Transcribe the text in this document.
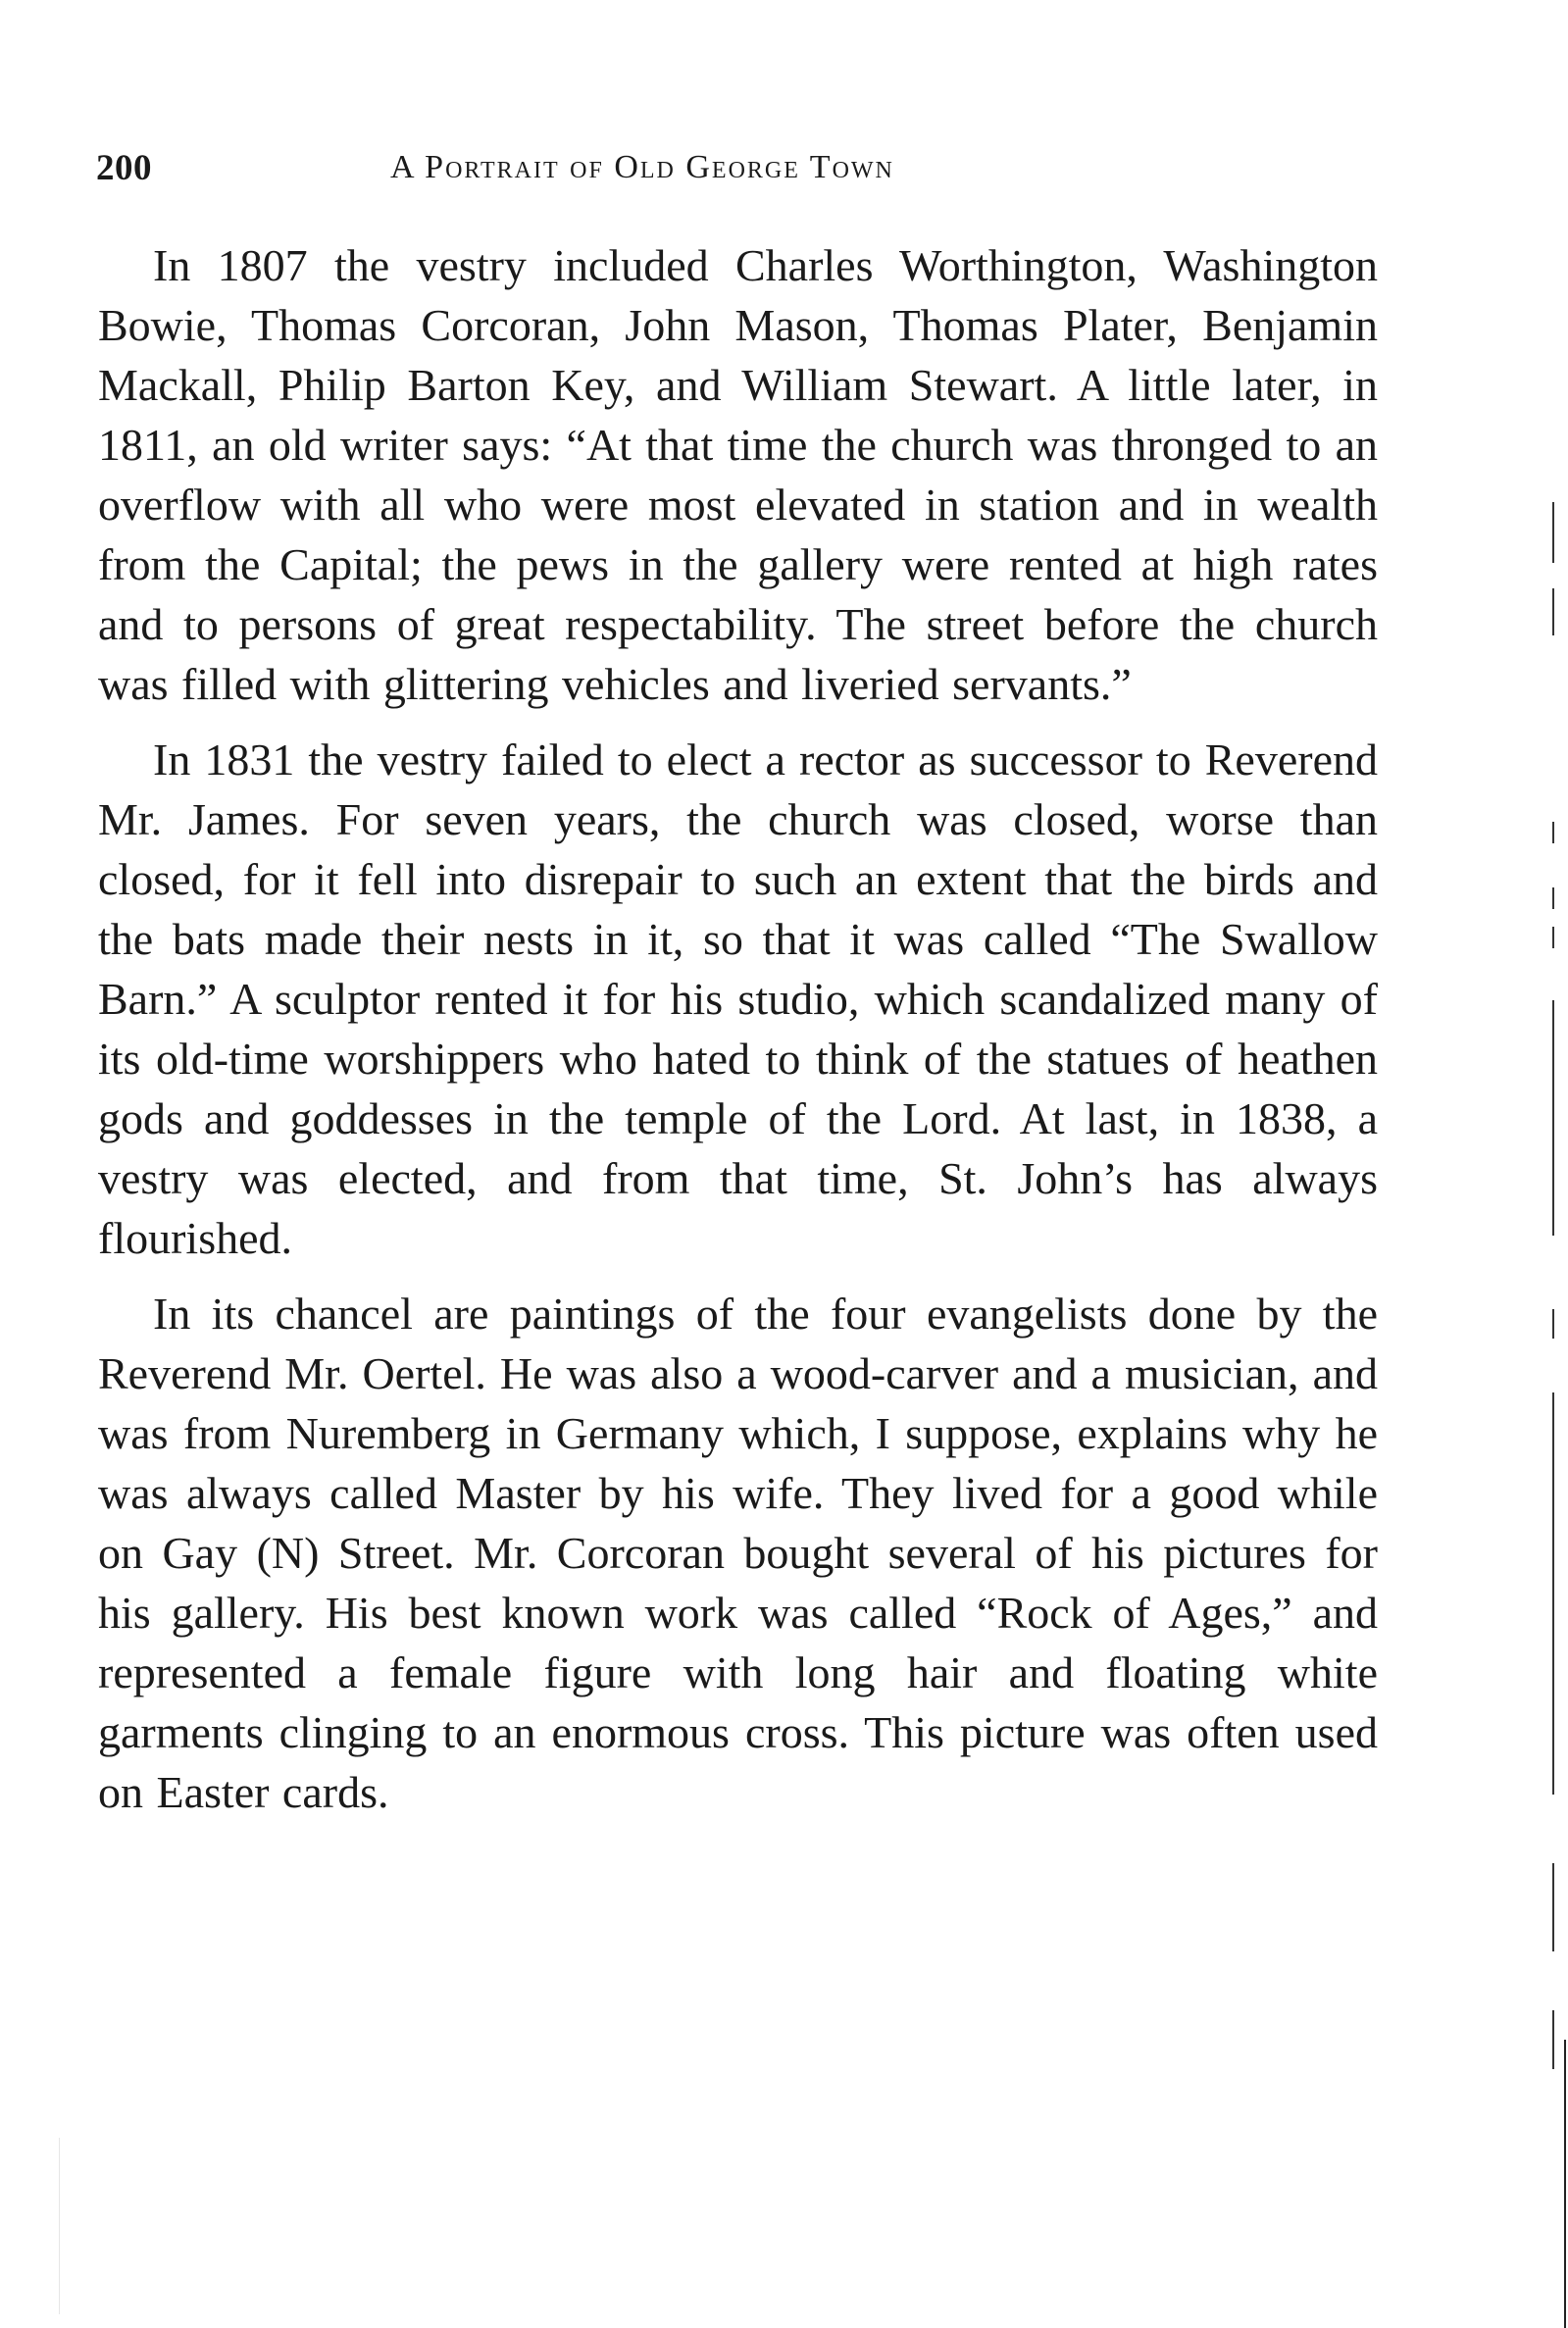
200	A Portrait of Old George Town

In 1807 the vestry included Charles Worthington, Washington Bowie, Thomas Corcoran, John Mason, Thomas Plater, Benjamin Mackall, Philip Barton Key, and William Stewart. A little later, in 1811, an old writer says: “At that time the church was thronged to an overflow with all who were most elevated in station and in wealth from the Capital; the pews in the gallery were rented at high rates and to persons of great respectability. The street before the church was filled with glittering vehicles and liveried servants.”

In 1831 the vestry failed to elect a rector as successor to Reverend Mr. James. For seven years, the church was closed, worse than closed, for it fell into disrepair to such an extent that the birds and the bats made their nests in it, so that it was called “The Swallow Barn.” A sculptor rented it for his studio, which scandalized many of its old-time worshippers who hated to think of the statues of heathen gods and goddesses in the temple of the Lord. At last, in 1838, a vestry was elected, and from that time, St. John’s has always flourished.

In its chancel are paintings of the four evangelists done by the Reverend Mr. Oertel. He was also a wood-carver and a musician, and was from Nuremberg in Germany which, I suppose, explains why he was always called Master by his wife. They lived for a good while on Gay (N) Street. Mr. Corcoran bought several of his pictures for his gallery. His best known work was called “Rock of Ages,” and represented a female figure with long hair and floating white garments clinging to an enormous cross. This picture was often used on Easter cards.
